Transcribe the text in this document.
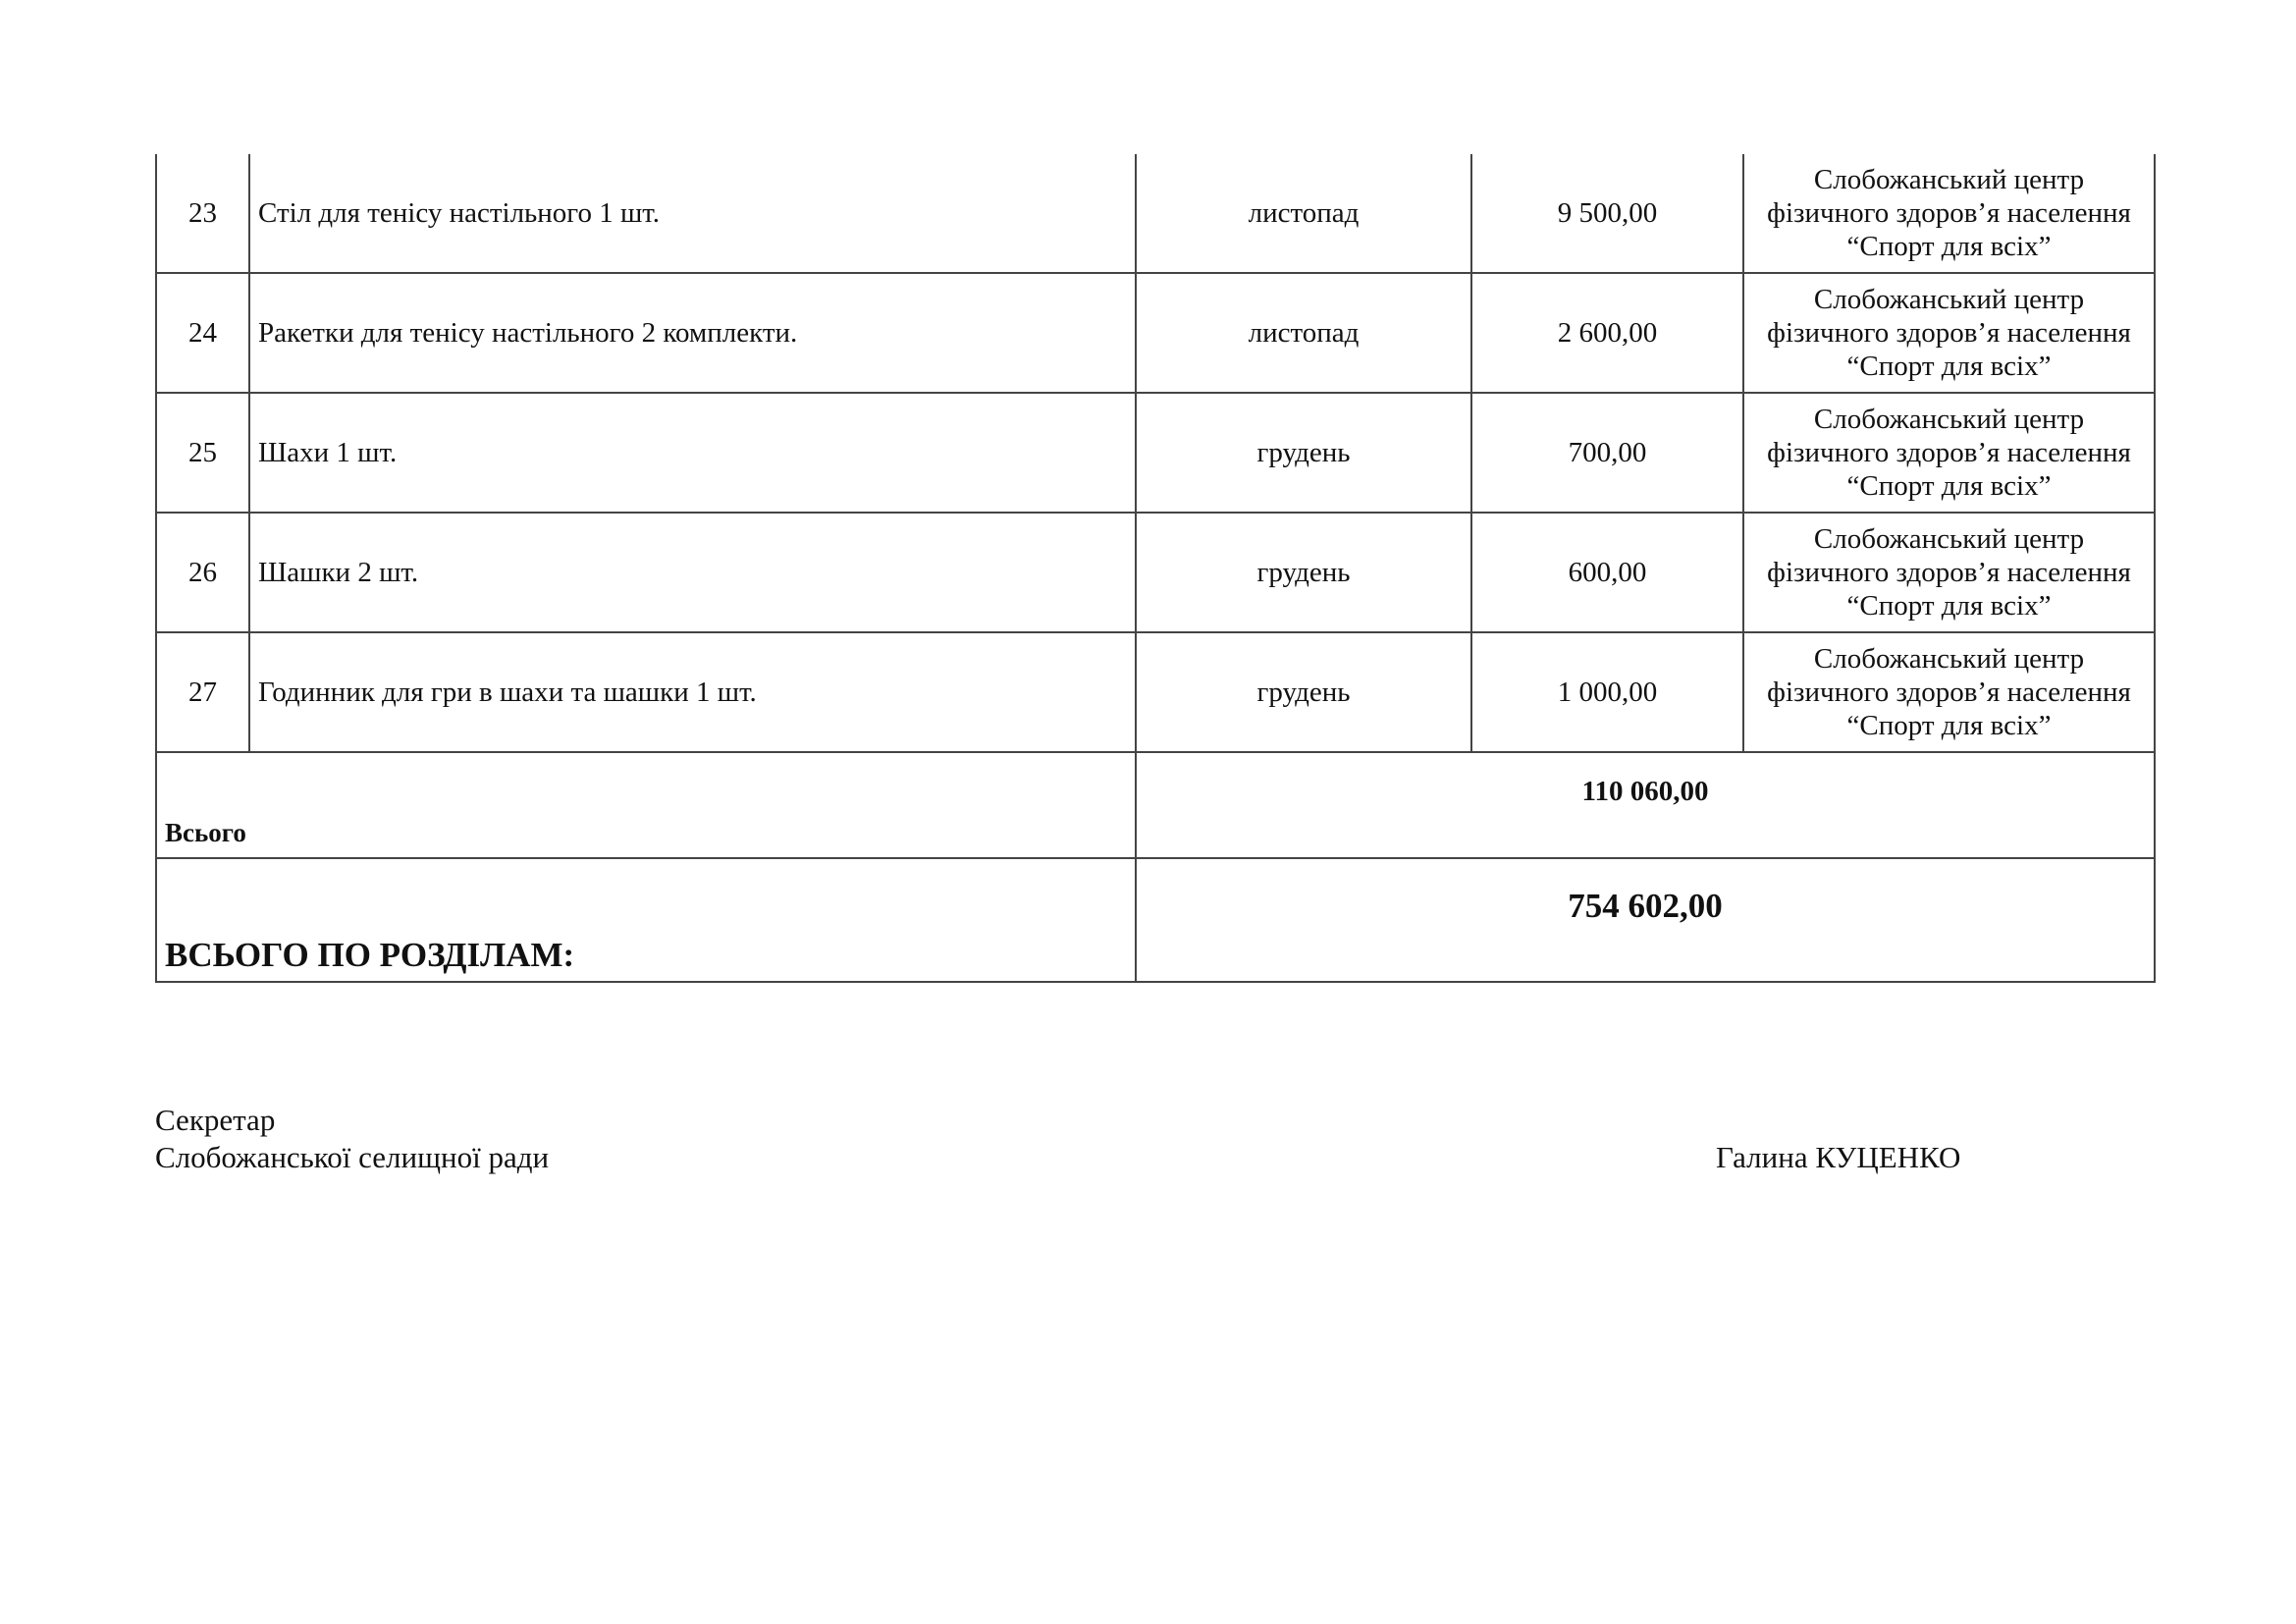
23	Стіл для тенісу настільного 1 шт.	листопад	9 500,00	Слобожанський центр
фізичного здоров’я населення
“Спорт для всіх”

24	Ракетки для тенісу настільного 2 комплекти.	листопад	2 600,00	Слобожанський центр
фізичного здоров’я населення
“Спорт для всіх”

25	Шахи 1 шт.	грудень	700,00	Слобожанський центр
фізичного здоров’я населення
“Спорт для всіх”

26	Шашки 2 шт.	грудень	600,00	Слобожанський центр
фізичного здоров’я населення
“Спорт для всіх”

27	Годинник для гри в шахи та шашки 1 шт.	грудень	1 000,00	Слобожанський центр
фізичного здоров’я населення
“Спорт для всіх”

Всього		110 060,00		
ВСЬОГО ПО РОЗДІЛАМ:		754 602,00		
Секретар
Слобожанської селищної ради	Галина КУЦЕНКО
